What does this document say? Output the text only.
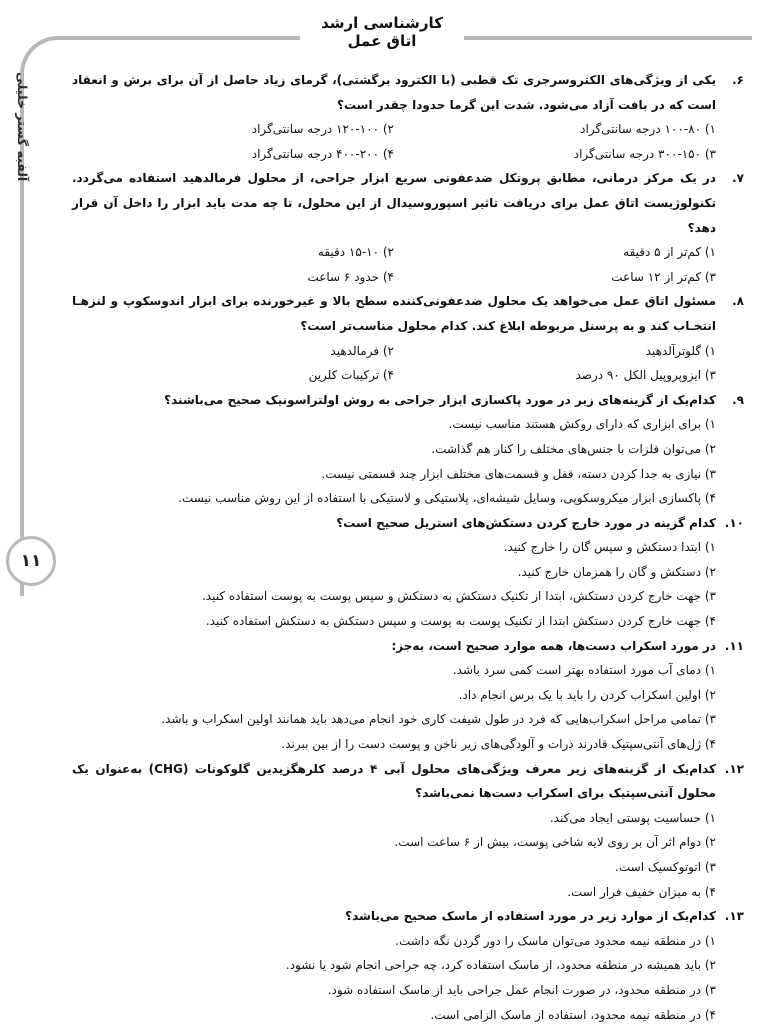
کارشناسی ارشد اتاق عمل
آلفبه گستر خلیلی
۱۱
۶.
یکی از ویژگی‌های الکتروسرجری تک قطبی (با الکترود برگشتی)، گرمای زیاد حاصل از آن برای برش و انعقاد است که در بافت آزاد می‌شود. شدت این گرما حدودا چقدر است؟
۱) ۱۰۰-۸۰ درجه سانتی‌گراد
۲) ۱۲۰-۱۰۰ درجه سانتی‌گراد
۳) ۳۰۰-۱۵۰ درجه سانتی‌گراد
۴) ۴۰۰-۲۰۰ درجه سانتی‌گراد
۷.
در یک مرکز درمانی، مطابق پروتکل ضدعفونی سریع ابزار جراحی، از محلول فرمالدهید استفاده می‌گردد. تکنولوژیست اتاق عمل برای دریافت تاثیر اسپوروسیدال از این محلول، تا چه مدت باید ابزار را داخل آن قرار دهد؟
۱) کم‌تر از ۵ دقیقه
۲) ۱۵-۱۰ دقیقه
۳) کم‌تر از ۱۲ ساعت
۴) حدود ۶ ساعت
۸.
مسئول اتاق عمل می‌خواهد یک محلول ضدعفونی‌کننده سطح بالا و غیرخورنده برای ابزار اندوسکوپ و لنزهـا انتخـاب کند و به پرسنل مربوطه ابلاغ کند. کدام محلول مناسب‌تر است؟
۱) گلوترآلدهید
۲) فرمالدهید
۳) ایزوپروپیل الکل ۹۰ درصد
۴) ترکیبات کلرین
۹.
کدام‌یک از گزینه‌های زیر در مورد پاکسازی ابزار جراحی به روش اولتراسونیک صحیح می‌باشند؟
۱) برای ابزاری که دارای روکش هستند مناسب نیست.
۲) می‌توان فلزات با جنس‌های مختلف را کنار هم گذاشت.
۳) نیازی به جدا کردن دسته، قفل و قسمت‌های مختلف ابزار چند قسمتی نیست.
۴) پاکسازی ابزار میکروسکوپی، وسایل شیشه‌ای، پلاستیکی و لاستیکی با استفاده از این روش مناسب نیست.
۱۰.
کدام گزینه در مورد خارج کردن دستکش‌های استریل صحیح است؟
۱) ابتدا دستکش و سپس گان را خارج کنید.
۲) دستکش و گان را همزمان خارج کنید.
۳) جهت خارج کردن دستکش، ابتدا از تکنیک دستکش به دستکش و سپس پوست به پوست استفاده کنید.
۴) جهت خارج کردن دستکش ابتدا از تکنیک پوست به پوست و سپس دستکش به دستکش استفاده کنید.
۱۱.
در مورد اسکراب دست‌ها، همه موارد صحیح است، به‌جز:
۱) دمای آب مورد استفاده بهتر است کمی سرد باشد.
۲) اولین اسکراب کردن را باید با یک برس انجام داد.
۳) تمامی مراحل اسکراب‌هایی که فرد در طول شیفت کاری خود انجام می‌دهد باید همانند اولین اسکراب و باشد.
۴) ژل‌های آنتی‌سپتیک قادرند ذرات و آلودگی‌های زیر ناخن و پوست دست را از بین ببرند.
۱۲.
کدام‌یک از گزینه‌های زیر معرف ویژگی‌های محلول آبی ۴ درصد کلرهگزیدین گلوکونات (CHG) به‌عنوان یک محلول آنتی‌سپتیک برای اسکراب دست‌ها نمی‌باشد؟
۱) حساسیت پوستی ایجاد می‌کند.
۲) دوام اثر آن بر روی لایه شاخی پوست، بیش از ۶ ساعت است.
۳) اتوتوکسیک است.
۴) به میزان خفیف فرار است.
۱۳.
کدام‌یک از موارد زیر در مورد استفاده از ماسک صحیح می‌باشد؟
۱) در منطقه نیمه محدود می‌توان ماسک را دور گردن نگه داشت.
۲) باید همیشه در منطقه محدود، از ماسک استفاده کرد، چه جراحی انجام شود یا نشود.
۳) در منطقه محدود، در صورت انجام عمل جراحی باید از ماسک استفاده شود.
۴) در منطقه نیمه محدود، استفاده از ماسک الزامی است.
